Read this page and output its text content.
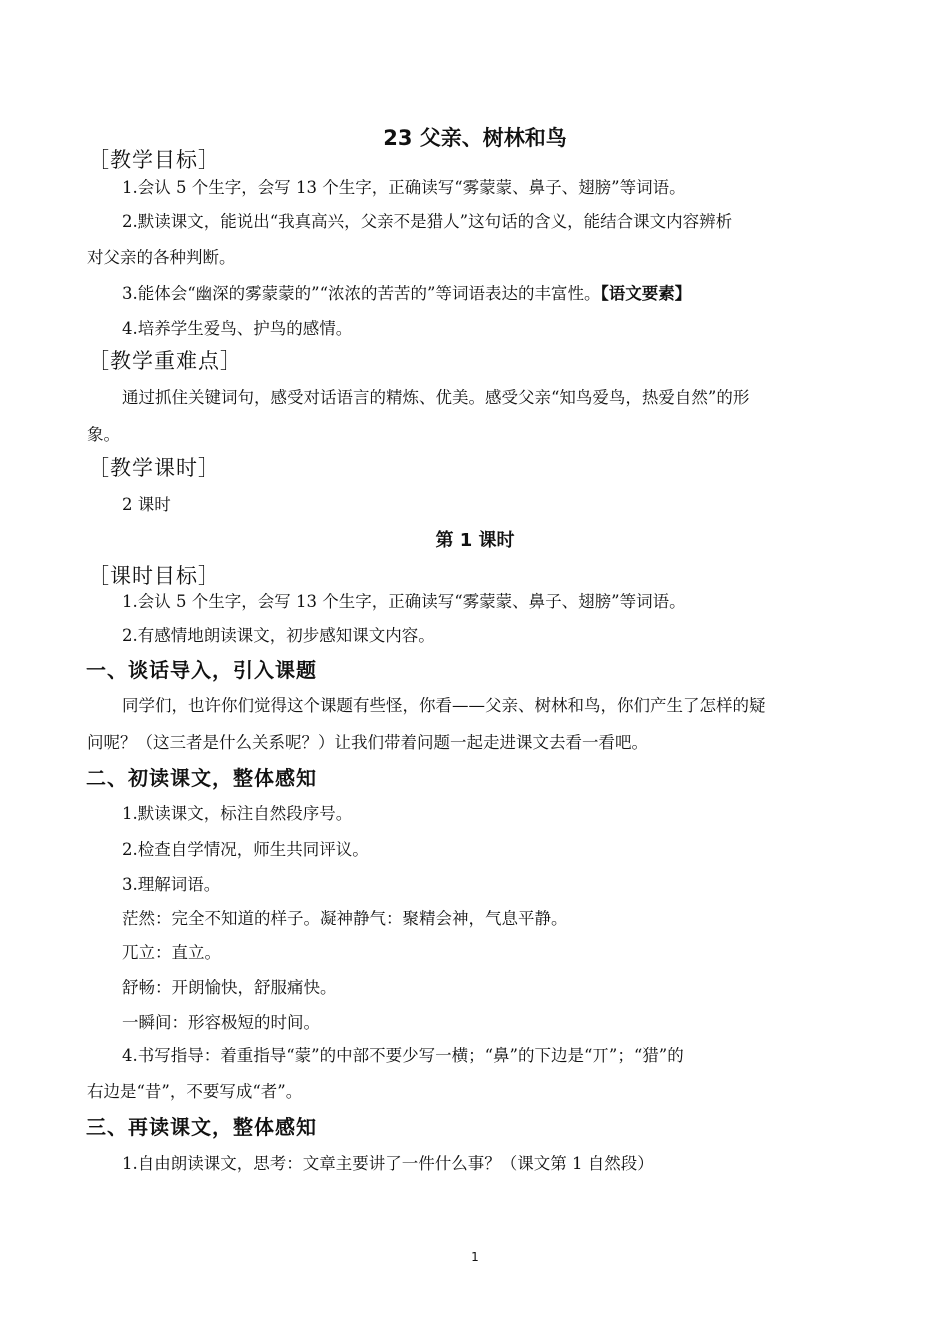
23 父亲、树林和鸟
［教学目标］
1.会认 5 个生字，会写 13 个生字，正确读写“雾蒙蒙、鼻子、翅膀”等词语。
2.默读课文，能说出“我真高兴，父亲不是猎人”这句话的含义，能结合课文内容辨析
对父亲的各种判断。
3.能体会“幽深的雾蒙蒙的”“浓浓的苦苦的”等词语表达的丰富性。【语文要素】
4.培养学生爱鸟、护鸟的感情。
［教学重难点］
通过抓住关键词句，感受对话语言的精炼、优美。感受父亲“知鸟爱鸟，热爱自然”的形
象。
［教学课时］
2 课时
第 1 课时
［课时目标］
1.会认 5 个生字，会写 13 个生字，正确读写“雾蒙蒙、鼻子、翅膀”等词语。
2.有感情地朗读课文，初步感知课文内容。
一、谈话导入，引入课题
同学们，也许你们觉得这个课题有些怪，你看——父亲、树林和鸟，你们产生了怎样的疑
问呢？（这三者是什么关系呢？）让我们带着问题一起走进课文去看一看吧。
二、初读课文，整体感知
1.默读课文，标注自然段序号。
2.检查自学情况，师生共同评议。
3.理解词语。
茫然：完全不知道的样子。凝神静气：聚精会神，气息平静。
兀立：直立。
舒畅：开朗愉快，舒服痛快。
一瞬间：形容极短的时间。
4.书写指导：着重指导“蒙”的中部不要少写一横；“鼻”的下边是“丌”；“猎”的
右边是“昔”，不要写成“者”。
三、再读课文，整体感知
1.自由朗读课文，思考：文章主要讲了一件什么事？（课文第 1 自然段）
1
